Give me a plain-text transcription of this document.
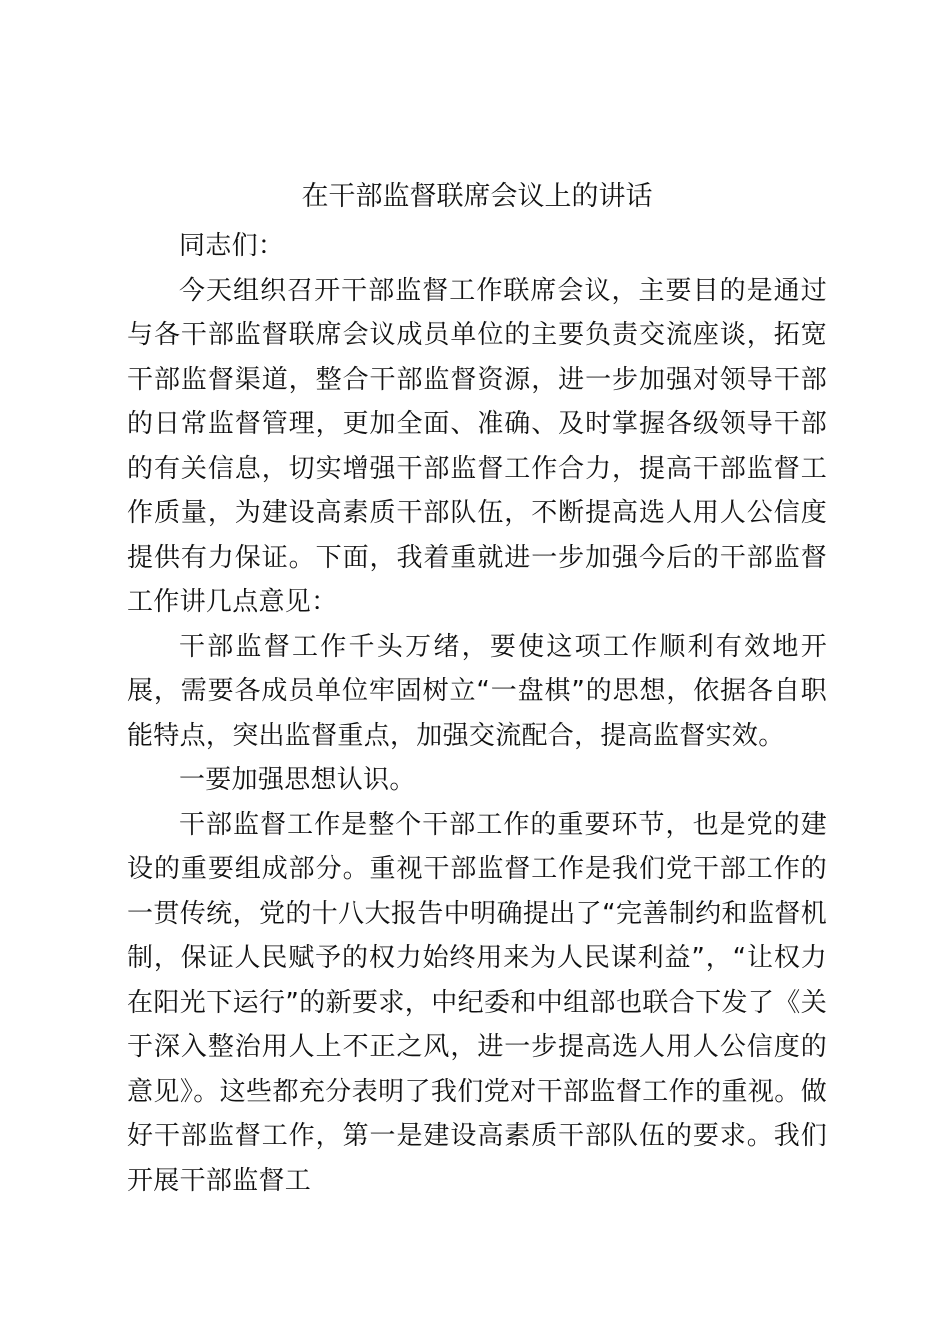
在干部监督联席会议上的讲话

同志们：

今天组织召开干部监督工作联席会议，主要目的是通过与各干部监督联席会议成员单位的主要负责交流座谈，拓宽干部监督渠道，整合干部监督资源，进一步加强对领导干部的日常监督管理，更加全面、准确、及时掌握各级领导干部的有关信息，切实增强干部监督工作合力，提高干部监督工作质量，为建设高素质干部队伍，不断提高选人用人公信度提供有力保证。下面，我着重就进一步加强今后的干部监督工作讲几点意见：

干部监督工作千头万绪，要使这项工作顺利有效地开展，需要各成员单位牢固树立“一盘棋”的思想，依据各自职能特点，突出监督重点，加强交流配合，提高监督实效。

一要加强思想认识。

干部监督工作是整个干部工作的重要环节，也是党的建设的重要组成部分。重视干部监督工作是我们党干部工作的一贯传统，党的十八大报告中明确提出了“完善制约和监督机制，保证人民赋予的权力始终用来为人民谋利益”，“让权力在阳光下运行”的新要求，中纪委和中组部也联合下发了《关于深入整治用人上不正之风，进一步提高选人用人公信度的意见》。这些都充分表明了我们党对干部监督工作的重视。做好干部监督工作，第一是建设高素质干部队伍的要求。我们开展干部监督工
